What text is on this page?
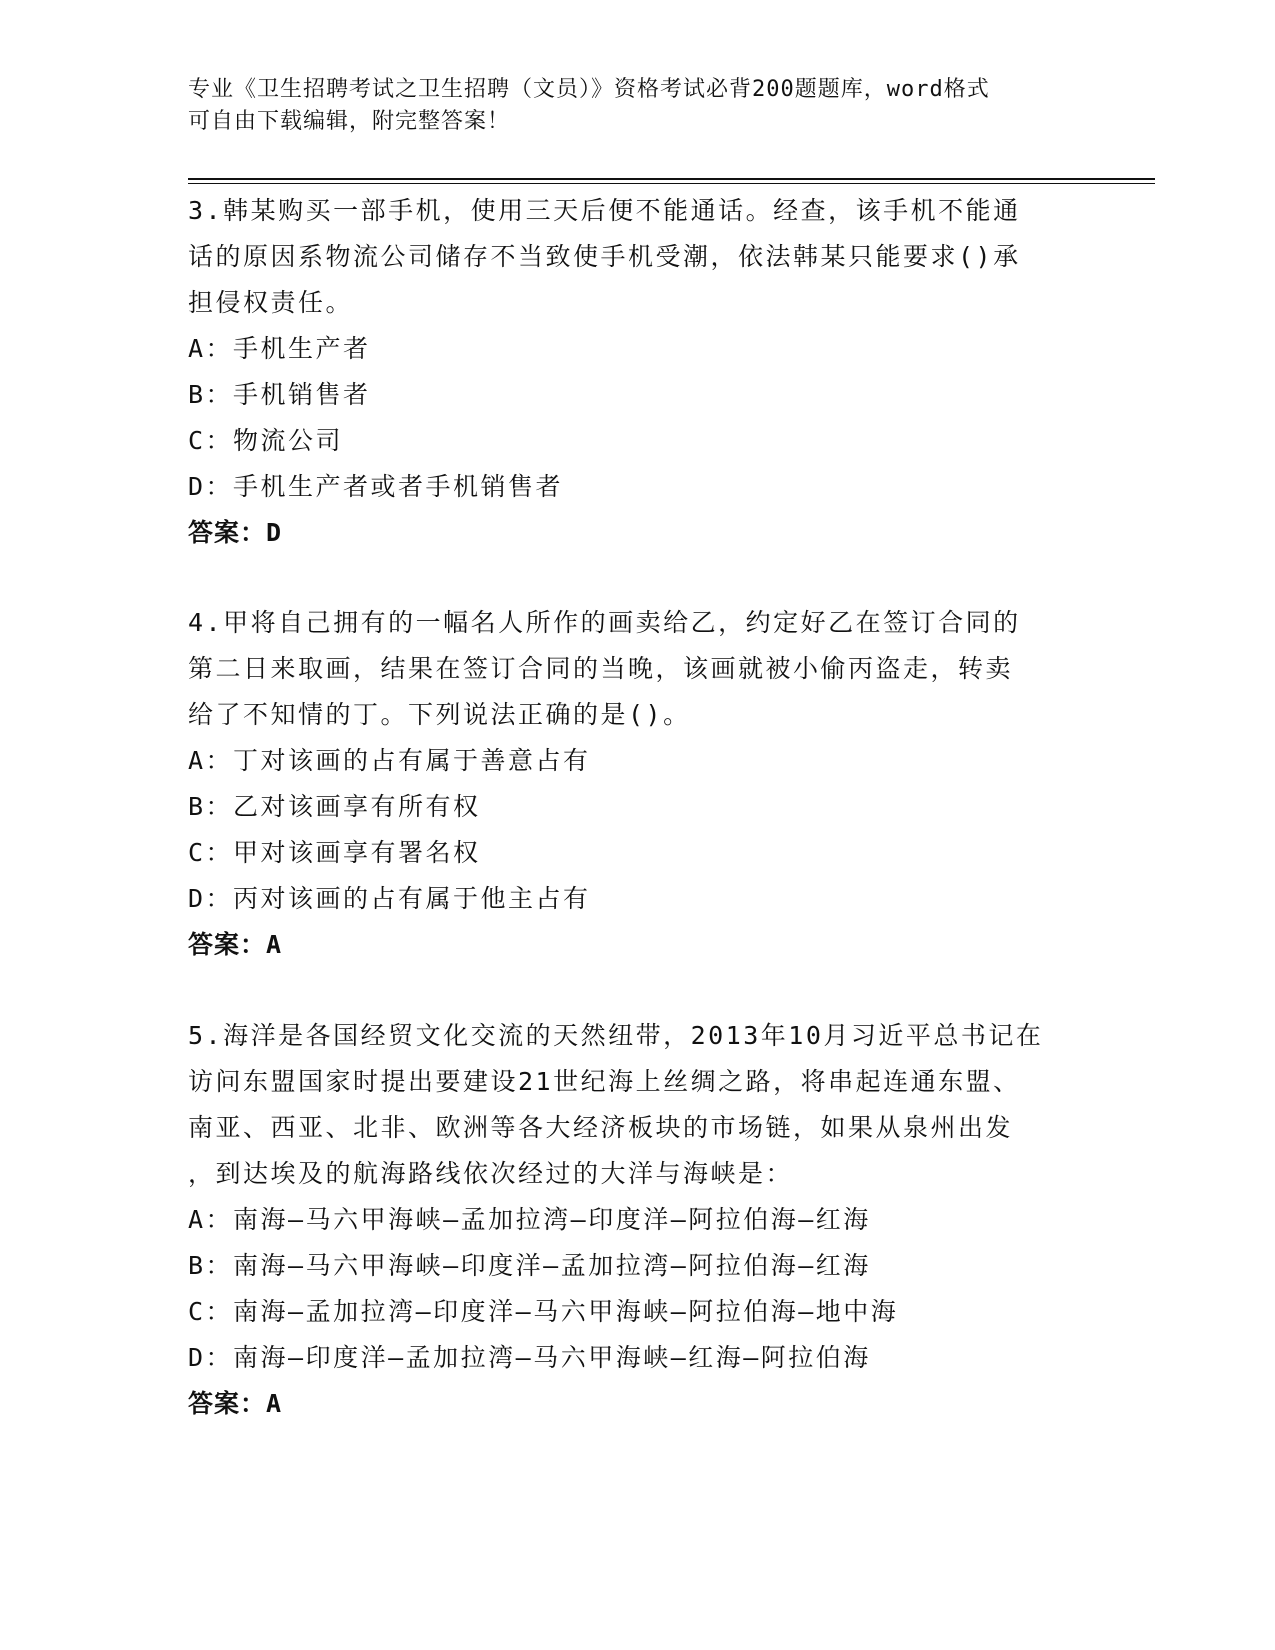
专业《卫生招聘考试之卫生招聘（文员）》资格考试必背200题题库，word格式
可自由下载编辑，附完整答案！
3.韩某购买一部手机，使用三天后便不能通话。经查，该手机不能通
话的原因系物流公司储存不当致使手机受潮，依法韩某只能要求()承
担侵权责任。
A：手机生产者
B：手机销售者
C：物流公司
D：手机生产者或者手机销售者
答案：D
4.甲将自己拥有的一幅名人所作的画卖给乙，约定好乙在签订合同的
第二日来取画，结果在签订合同的当晚，该画就被小偷丙盗走，转卖
给了不知情的丁。下列说法正确的是()。
A：丁对该画的占有属于善意占有
B：乙对该画享有所有权
C：甲对该画享有署名权
D：丙对该画的占有属于他主占有
答案：A
5.海洋是各国经贸文化交流的天然纽带，2013年10月习近平总书记在
访问东盟国家时提出要建设21世纪海上丝绸之路，将串起连通东盟、
南亚、西亚、北非、欧洲等各大经济板块的市场链，如果从泉州出发
，到达埃及的航海路线依次经过的大洋与海峡是：
A：南海—马六甲海峡—孟加拉湾—印度洋—阿拉伯海—红海
B：南海—马六甲海峡—印度洋—孟加拉湾—阿拉伯海—红海
C：南海—孟加拉湾—印度洋—马六甲海峡—阿拉伯海—地中海
D：南海—印度洋—孟加拉湾—马六甲海峡—红海—阿拉伯海
答案：A
